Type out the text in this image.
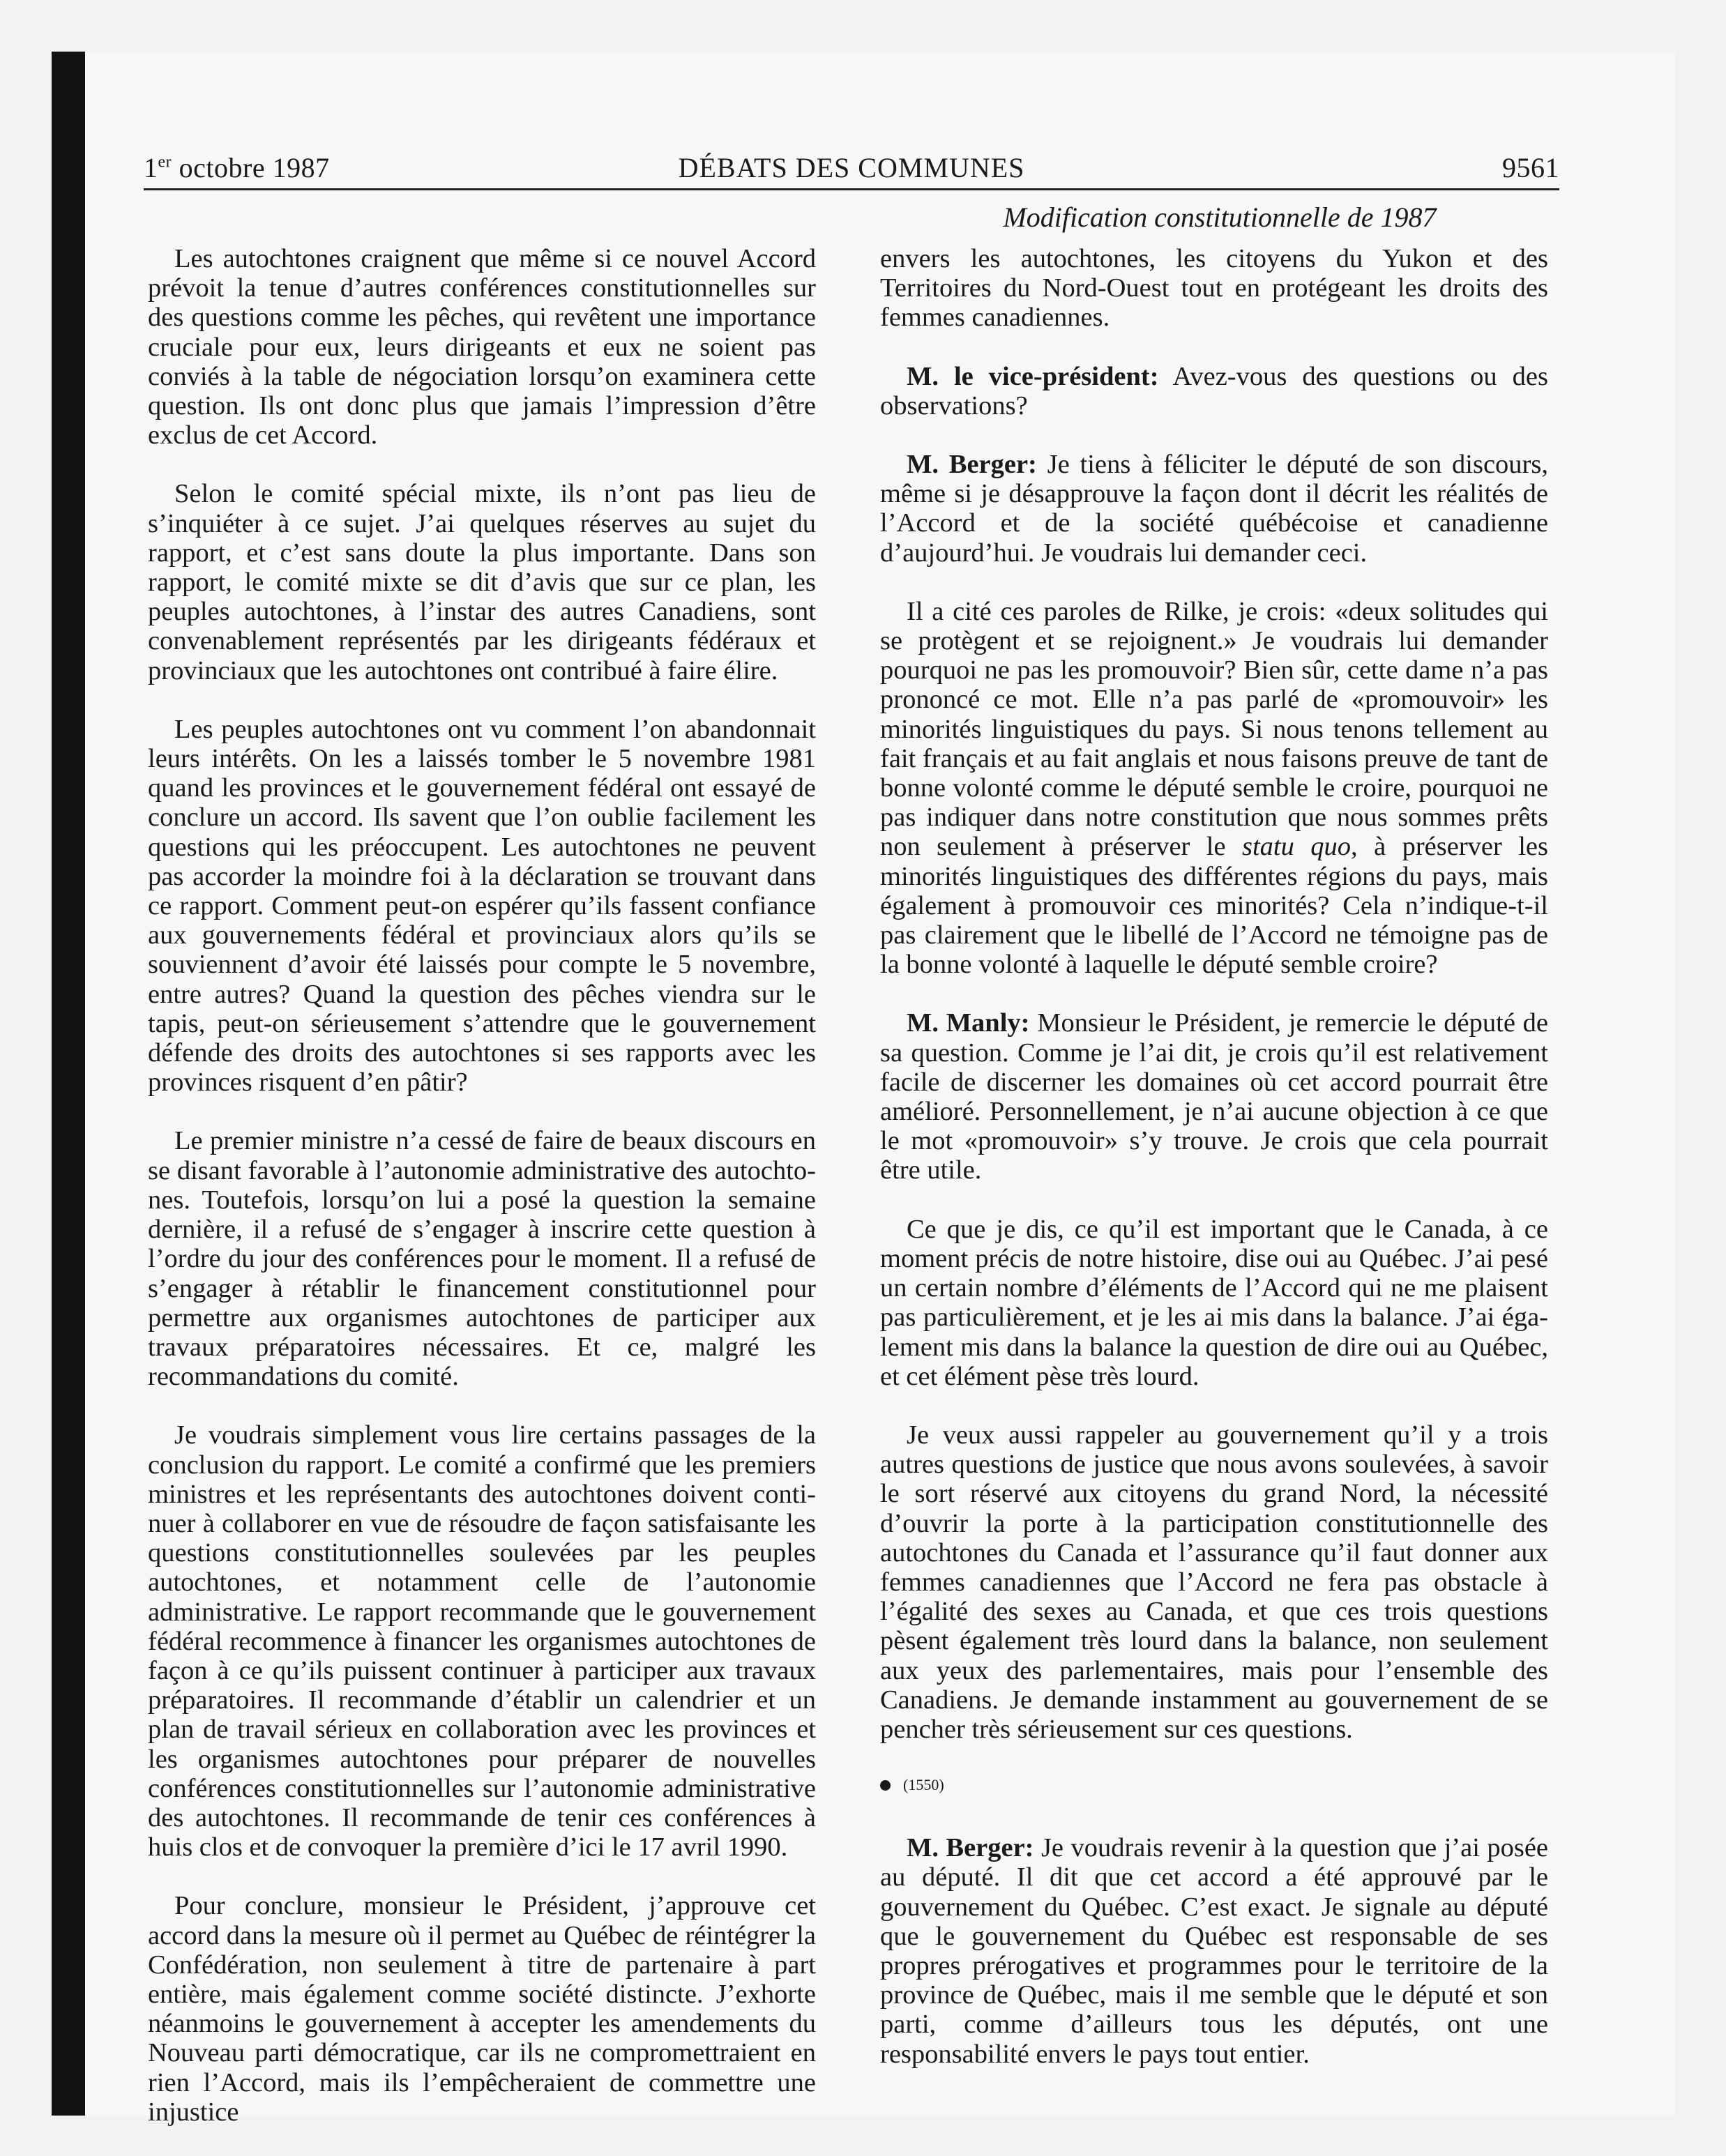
1er octobre 1987	DÉBATS DES COMMUNES	9561
Modification constitutionnelle de 1987

Les autochtones craignent que même si ce nouvel Accord prévoit la tenue d’autres conférences constitutionnelles sur des questions comme les pêches, qui revêtent une importance cruciale pour eux, leurs dirigeants et eux ne soient pas conviés à la table de négociation lorsqu’on examinera cette question. Ils ont donc plus que jamais l’impression d’être exclus de cet Accord.

Selon le comité spécial mixte, ils n’ont pas lieu de s’inquiéter à ce sujet. J’ai quelques réserves au sujet du rapport, et c’est sans doute la plus importante. Dans son rapport, le comité mixte se dit d’avis que sur ce plan, les peuples autochtones, à l’instar des autres Canadiens, sont convenablement représentés par les dirigeants fédéraux et provinciaux que les autochtones ont contribué à faire élire.

Les peuples autochtones ont vu comment l’on abandonnait leurs intérêts. On les a laissés tomber le 5 novembre 1981 quand les provinces et le gouvernement fédéral ont essayé de conclure un accord. Ils savent que l’on oublie facilement les questions qui les préoccupent. Les autochtones ne peuvent pas accorder la moindre foi à la déclaration se trouvant dans ce rapport. Comment peut-on espérer qu’ils fassent confiance aux gouvernements fédéral et provinciaux alors qu’ils se souviennent d’avoir été laissés pour compte le 5 novembre, entre autres? Quand la question des pêches viendra sur le tapis, peut-on sérieusement s’attendre que le gouvernement défende des droits des autochtones si ses rapports avec les provinces risquent d’en pâtir?

Le premier ministre n’a cessé de faire de beaux discours en se disant favorable à l’autonomie administrative des autochtones. Toutefois, lorsqu’on lui a posé la question la semaine dernière, il a refusé de s’engager à inscrire cette question à l’ordre du jour des conférences pour le moment. Il a refusé de s’engager à rétablir le financement constitutionnel pour permettre aux organismes autochtones de participer aux travaux préparatoires nécessaires. Et ce, malgré les recommandations du comité.

Je voudrais simplement vous lire certains passages de la conclusion du rapport. Le comité a confirmé que les premiers ministres et les représentants des autochtones doivent continuer à collaborer en vue de résoudre de façon satisfaisante les questions constitutionnelles soulevées par les peuples autochtones, et notamment celle de l’autonomie administrative. Le rapport recommande que le gouvernement fédéral recommence à financer les organismes autochtones de façon à ce qu’ils puissent continuer à participer aux travaux préparatoires. Il recommande d’établir un calendrier et un plan de travail sérieux en collaboration avec les provinces et les organismes autochtones pour préparer de nouvelles conférences constitutionnelles sur l’autonomie administrative des autochtones. Il recommande de tenir ces conférences à huis clos et de convoquer la première d’ici le 17 avril 1990.

Pour conclure, monsieur le Président, j’approuve cet accord dans la mesure où il permet au Québec de réintégrer la Confédération, non seulement à titre de partenaire à part entière, mais également comme société distincte. J’exhorte néanmoins le gouvernement à accepter les amendements du Nouveau parti démocratique, car ils ne compromettraient en rien l’Accord, mais ils l’empêcheraient de commettre une injustice

envers les autochtones, les citoyens du Yukon et des Territoires du Nord-Ouest tout en protégeant les droits des femmes canadiennes.

M. le vice-président: Avez-vous des questions ou des observations?

M. Berger: Je tiens à féliciter le député de son discours, même si je désapprouve la façon dont il décrit les réalités de l’Accord et de la société québécoise et canadienne d’aujourd’hui. Je voudrais lui demander ceci.

Il a cité ces paroles de Rilke, je crois: «deux solitudes qui se protègent et se rejoignent.» Je voudrais lui demander pourquoi ne pas les promouvoir? Bien sûr, cette dame n’a pas prononcé ce mot. Elle n’a pas parlé de «promouvoir» les minorités linguistiques du pays. Si nous tenons tellement au fait français et au fait anglais et nous faisons preuve de tant de bonne volonté comme le député semble le croire, pourquoi ne pas indiquer dans notre constitution que nous sommes prêts non seulement à préserver le statu quo, à préserver les minorités linguistiques des différentes régions du pays, mais également à promouvoir ces minorités? Cela n’indique-t-il pas clairement que le libellé de l’Accord ne témoigne pas de la bonne volonté à laquelle le député semble croire?

M. Manly: Monsieur le Président, je remercie le député de sa question. Comme je l’ai dit, je crois qu’il est relativement facile de discerner les domaines où cet accord pourrait être amélioré. Personnellement, je n’ai aucune objection à ce que le mot «promouvoir» s’y trouve. Je crois que cela pourrait être utile.

Ce que je dis, ce qu’il est important que le Canada, à ce moment précis de notre histoire, dise oui au Québec. J’ai pesé un certain nombre d’éléments de l’Accord qui ne me plaisent pas particulièrement, et je les ai mis dans la balance. J’ai également mis dans la balance la question de dire oui au Québec, et cet élément pèse très lourd.

Je veux aussi rappeler au gouvernement qu’il y a trois autres questions de justice que nous avons soulevées, à savoir le sort réservé aux citoyens du grand Nord, la nécessité d’ouvrir la porte à la participation constitutionnelle des autochtones du Canada et l’assurance qu’il faut donner aux femmes canadiennes que l’Accord ne fera pas obstacle à l’égalité des sexes au Canada, et que ces trois questions pèsent également très lourd dans la balance, non seulement aux yeux des parlementaires, mais pour l’ensemble des Canadiens. Je demande instamment au gouvernement de se pencher très sérieusement sur ces questions.

(1550)

M. Berger: Je voudrais revenir à la question que j’ai posée au député. Il dit que cet accord a été approuvé par le gouvernement du Québec. C’est exact. Je signale au député que le gouvernement du Québec est responsable de ses propres prérogatives et programmes pour le territoire de la province de Québec, mais il me semble que le député et son parti, comme d’ailleurs tous les députés, ont une responsabilité envers le pays tout entier.
